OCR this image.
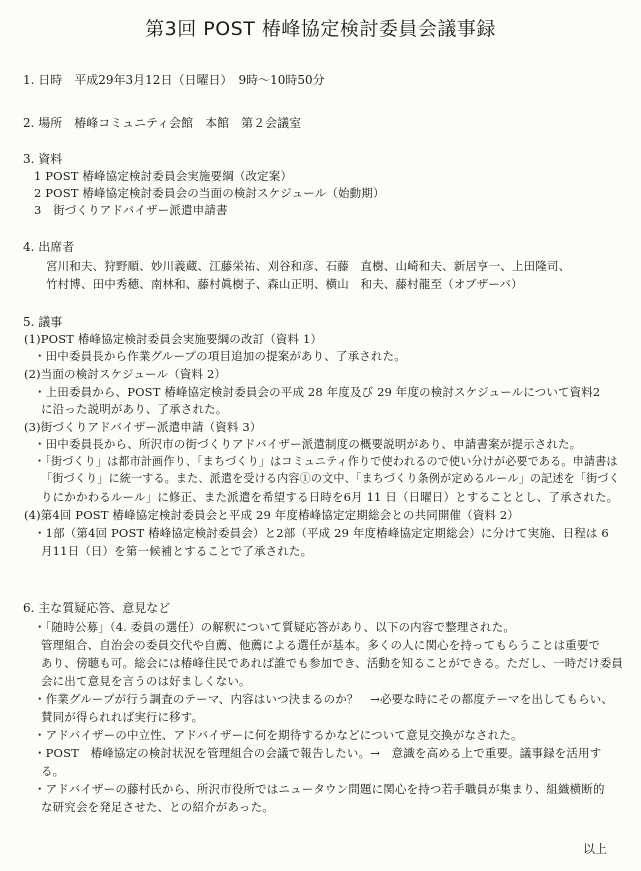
第3回 POST 椿峰協定検討委員会議事録
1. 日時　平成29年3月12日（日曜日）　9時～10時50分
2. 場所　椿峰コミュニティ会館　本館　第２会議室
3. 資料
1 POST 椿峰協定検討委員会実施要綱（改定案）
2 POST 椿峰協定検討委員会の当面の検討スケジュール（始動期）
3　街づくりアドバイザー派遣申請書
4. 出席者
宮川和夫、狩野順、妙川義蔵、江藤栄祐、刈谷和彦、石藤　直樹、山崎和夫、新居亨一、上田隆司、
竹村博、田中秀穂、南林和、藤村眞樹子、森山正明、横山　和夫、藤村龍至（オブザーバ）
5. 議事
(1)POST 椿峰協定検討委員会実施要綱の改訂（資料 1）
・田中委員長から作業グループの項目追加の提案があり、了承された。
(2)当面の検討スケジュール（資料 2）
・上田委員から、POST 椿峰協定検討委員会の平成 28 年度及び 29 年度の検討スケジュールについて資料2
に沿った説明があり、了承された。
(3)街づくりアドバイザー派遣申請（資料 3）
・田中委員長から、所沢市の街づくりアドバイザー派遣制度の概要説明があり、申請書案が提示された。
・「街づくり」は都市計画作り、「まちづくり」はコミュニティ作りで使われるので使い分けが必要である。申請書は
「街づくり」に統一する。また、派遣を受ける内容①の文中、「まちづくり条例が定めるルール」の記述を「街づく
りにかかわるルール」に修正、また派遣を希望する日時を6月 11 日（日曜日）とすることとし、了承された。
(4)第4回 POST 椿峰協定検討委員会と平成 29 年度椿峰協定定期総会との共同開催（資料 2）
・1部（第4回 POST 椿峰協定検討委員会）と2部（平成 29 年度椿峰協定定期総会）に分けて実施、日程は 6
月11日（日）を第一候補とすることで了承された。
6. 主な質疑応答、意見など
・「随時公募」（4. 委員の選任）の解釈について質疑応答があり、以下の内容で整理された。
管理組合、自治会の委員交代や自薦、他薦による選任が基本。多くの人に関心を持ってもらうことは重要で
あり、傍聴も可。総会には椿峰住民であれば誰でも参加でき、活動を知ることができる。ただし、一時だけ委員
会に出て意見を言うのは好ましくない。
・作業グループが行う調査のテーマ、内容はいつ決まるのか？　→必要な時にその都度テーマを出してもらい、
賛同が得られれば実行に移す。
・アドバイザーの中立性、アドバイザーに何を期待するかなどについて意見交換がなされた。
・POST　椿峰協定の検討状況を管理組合の会議で報告したい。→　意識を高める上で重要。議事録を活用す
る。
・アドバイザーの藤村氏から、所沢市役所ではニュータウン問題に関心を持つ若手職員が集まり、組織横断的
な研究会を発足させた、との紹介があった。
以上
